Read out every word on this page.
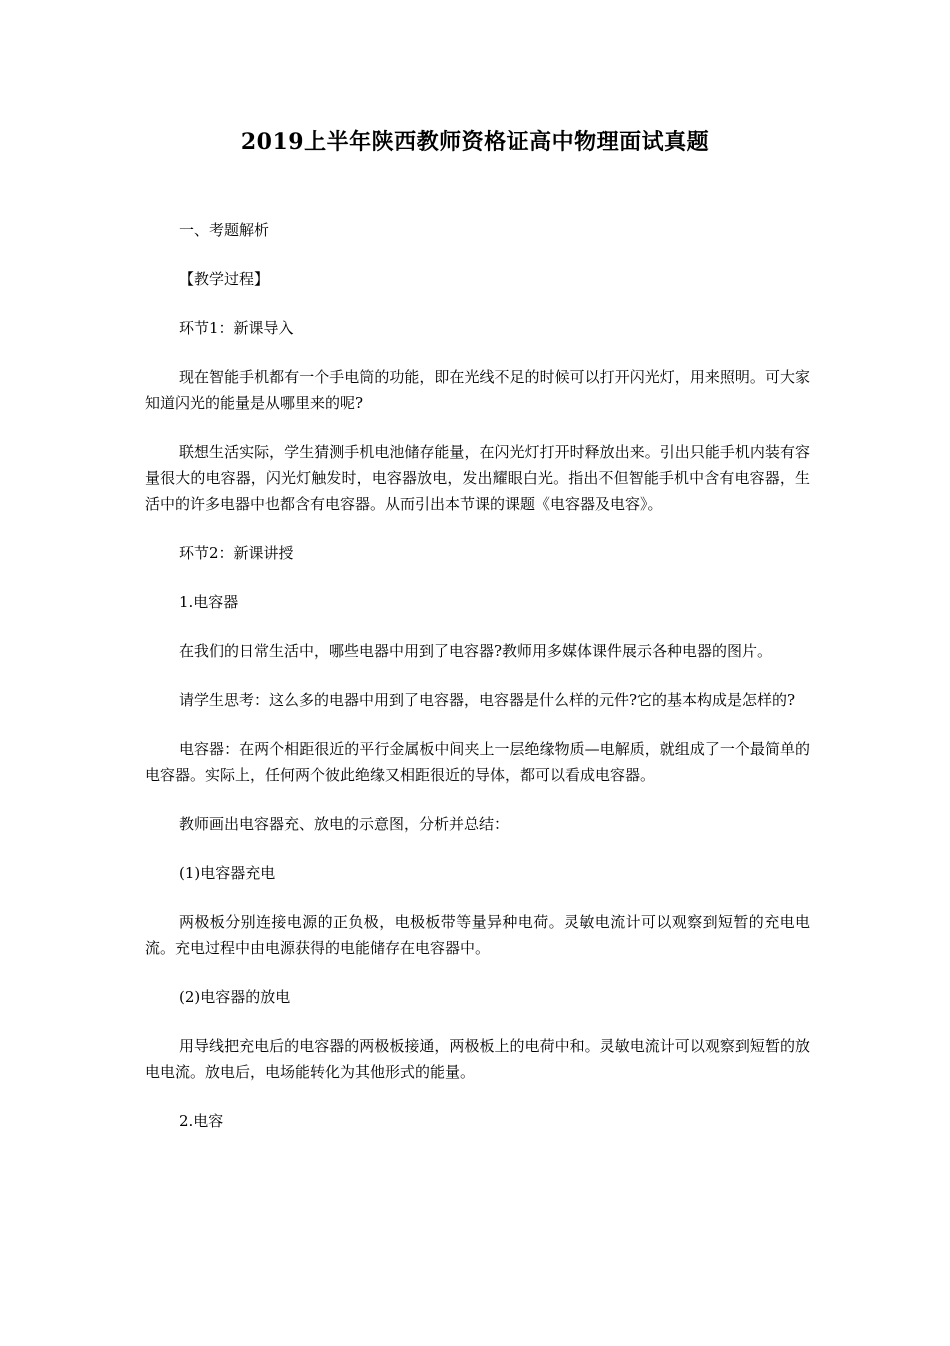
2019上半年陕西教师资格证高中物理面试真题

一、考题解析

【教学过程】

环节1：新课导入

现在智能手机都有一个手电筒的功能，即在光线不足的时候可以打开闪光灯，用来照明。可大家知道闪光的能量是从哪里来的呢?

联想生活实际，学生猜测手机电池储存能量，在闪光灯打开时释放出来。引出只能手机内装有容量很大的电容器，闪光灯触发时，电容器放电，发出耀眼白光。指出不但智能手机中含有电容器，生活中的许多电器中也都含有电容器。从而引出本节课的课题《电容器及电容》。

环节2：新课讲授

1.电容器

在我们的日常生活中，哪些电器中用到了电容器?教师用多媒体课件展示各种电器的图片。

请学生思考：这么多的电器中用到了电容器，电容器是什么样的元件?它的基本构成是怎样的?

电容器：在两个相距很近的平行金属板中间夹上一层绝缘物质—电解质，就组成了一个最简单的电容器。实际上，任何两个彼此绝缘又相距很近的导体，都可以看成电容器。

教师画出电容器充、放电的示意图，分析并总结：

(1)电容器充电

两极板分别连接电源的正负极，电极板带等量异种电荷。灵敏电流计可以观察到短暂的充电电流。充电过程中由电源获得的电能储存在电容器中。

(2)电容器的放电

用导线把充电后的电容器的两极板接通，两极板上的电荷中和。灵敏电流计可以观察到短暂的放电电流。放电后，电场能转化为其他形式的能量。

2.电容
